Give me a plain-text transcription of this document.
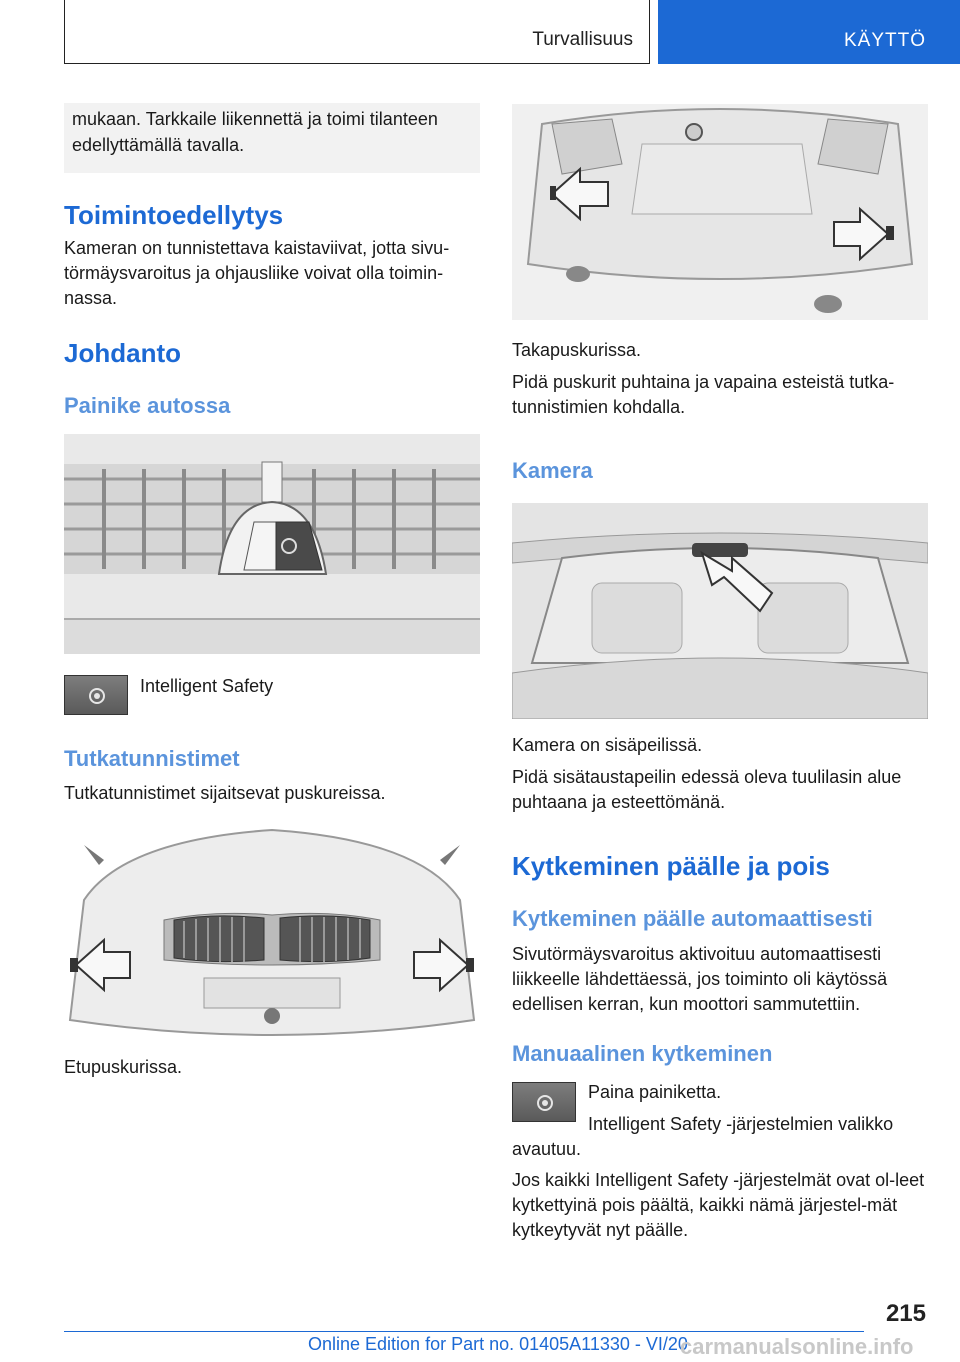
Turvallisuus	KÄYTTÖ
mukaan. Tarkkaile liikennettä ja toimi tilanteen edellyttämällä tavalla.
Toimintoedellytys
Kameran on tunnistettava kaistaviivat, jotta sivu-törmäysvaroitus ja ohjausliike voivat olla toimin-nassa.
Johdanto
Painike autossa
Intelligent Safety
Tutkatunnistimet
Tutkatunnistimet sijaitsevat puskureissa.
Etupuskurissa.
Takapuskurissa.
Pidä puskurit puhtaina ja vapaina esteistä tutka-tunnistimien kohdalla.
Kamera
Kamera on sisäpeilissä.
Pidä sisätaustapeilin edessä oleva tuulilasin alue puhtaana ja esteettömänä.
Kytkeminen päälle ja pois
Kytkeminen päälle automaattisesti
Sivutörmäysvaroitus aktivoituu automaattisesti liikkeelle lähdettäessä, jos toiminto oli käytössä edellisen kerran, kun moottori sammutettiin.
Manuaalinen kytkeminen
Paina painiketta.
Intelligent Safety -järjestelmien valikko avautuu.
Jos kaikki Intelligent Safety -järjestelmät ovat ol-leet kytkettyinä pois päältä, kaikki nämä järjestel-mät kytkeytyvät nyt päälle.
215
Online Edition for Part no. 01405A11330 - VI/20
carmanualsonline.info
